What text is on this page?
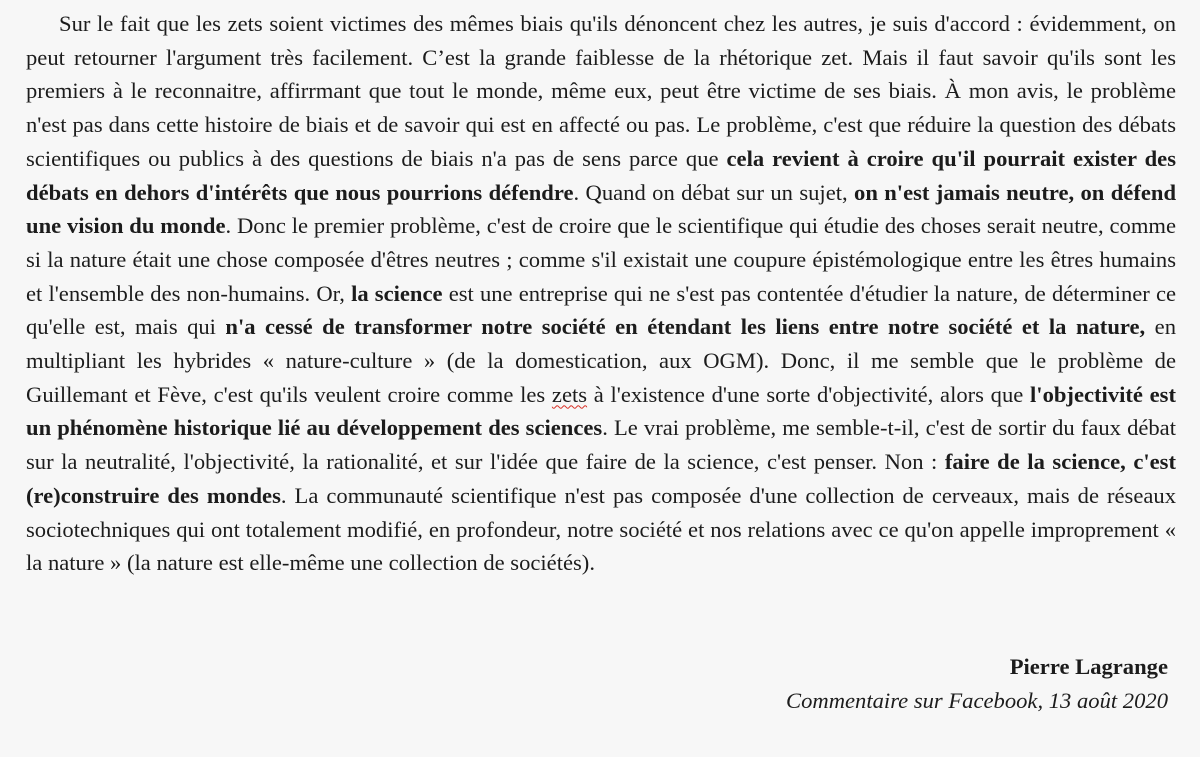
Sur le fait que les zets soient victimes des mêmes biais qu'ils dénoncent chez les autres, je suis d'accord : évidemment, on peut retourner l'argument très facilement. C’est la grande faiblesse de la rhétorique zet. Mais il faut savoir qu'ils sont les premiers à le reconnaitre, affirrmant que tout le monde, même eux, peut être victime de ses biais. À mon avis, le problème n'est pas dans cette histoire de biais et de savoir qui est en affecté ou pas. Le problème, c'est que réduire la question des débats scientifiques ou publics à des questions de biais n'a pas de sens parce que cela revient à croire qu'il pourrait exister des débats en dehors d'intérêts que nous pourrions défendre. Quand on débat sur un sujet, on n'est jamais neutre, on défend une vision du monde. Donc le premier problème, c'est de croire que le scientifique qui étudie des choses serait neutre, comme si la nature était une chose composée d'êtres neutres ; comme s'il existait une coupure épistémologique entre les êtres humains et l'ensemble des non-humains. Or, la science est une entreprise qui ne s'est pas contentée d'étudier la nature, de déterminer ce qu'elle est, mais qui n'a cessé de transformer notre société en étendant les liens entre notre société et la nature, en multipliant les hybrides « nature-culture » (de la domestication, aux OGM). Donc, il me semble que le problème de Guillemant et Fève, c'est qu'ils veulent croire comme les zets à l'existence d'une sorte d'objectivité, alors que l'objectivité est un phénomène historique lié au développement des sciences. Le vrai problème, me semble-t-il, c'est de sortir du faux débat sur la neutralité, l'objectivité, la rationalité, et sur l'idée que faire de la science, c'est penser. Non : faire de la science, c'est (re)construire des mondes. La communauté scientifique n'est pas composée d'une collection de cerveaux, mais de réseaux sociotechniques qui ont totalement modifié, en profondeur, notre société et nos relations avec ce qu'on appelle improprement « la nature » (la nature est elle-même une collection de sociétés).

Pierre Lagrange
Commentaire sur Facebook, 13 août 2020
